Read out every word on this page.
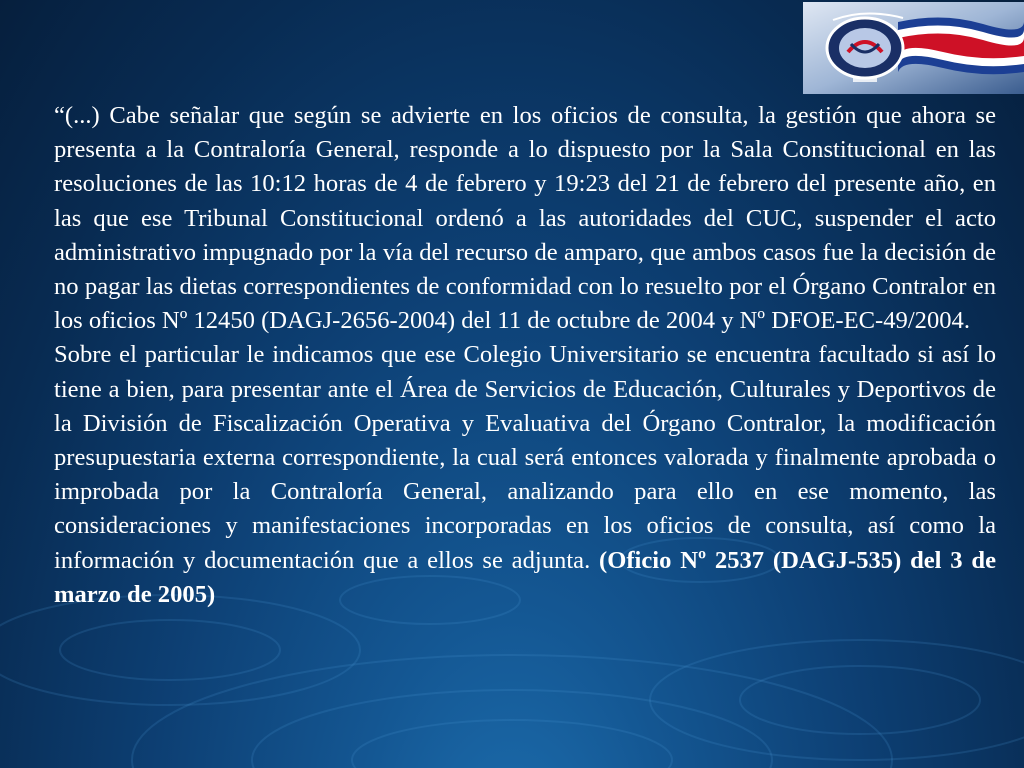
“(...) Cabe señalar que según se advierte en los oficios de consulta, la gestión que ahora se presenta a la Contraloría General, responde a lo dispuesto por la Sala Constitucional en las resoluciones de las 10:12 horas de 4 de febrero y 19:23 del 21 de febrero del presente año, en las que ese Tribunal Constitucional ordenó a las autoridades del CUC, suspender el acto administrativo impugnado por la vía del recurso de amparo, que ambos casos fue la decisión de no pagar las dietas correspondientes de conformidad con lo resuelto por el Órgano Contralor en los oficios Nº 12450 (DAGJ-2656-2004) del 11 de octubre de 2004 y Nº DFOE-EC-49/2004.

Sobre el particular le indicamos que ese Colegio Universitario se encuentra facultado si así lo tiene a bien, para presentar ante el Área de Servicios de Educación, Culturales y Deportivos de la División de Fiscalización Operativa y Evaluativa del Órgano Contralor, la modificación presupuestaria externa correspondiente, la cual será entonces valorada y finalmente aprobada o improbada por la Contraloría General, analizando para ello en ese momento, las consideraciones y manifestaciones incorporadas en los oficios de consulta, así como la información y documentación que a ellos se adjunta. (Oficio Nº 2537 (DAGJ-535) del 3 de marzo de 2005)
